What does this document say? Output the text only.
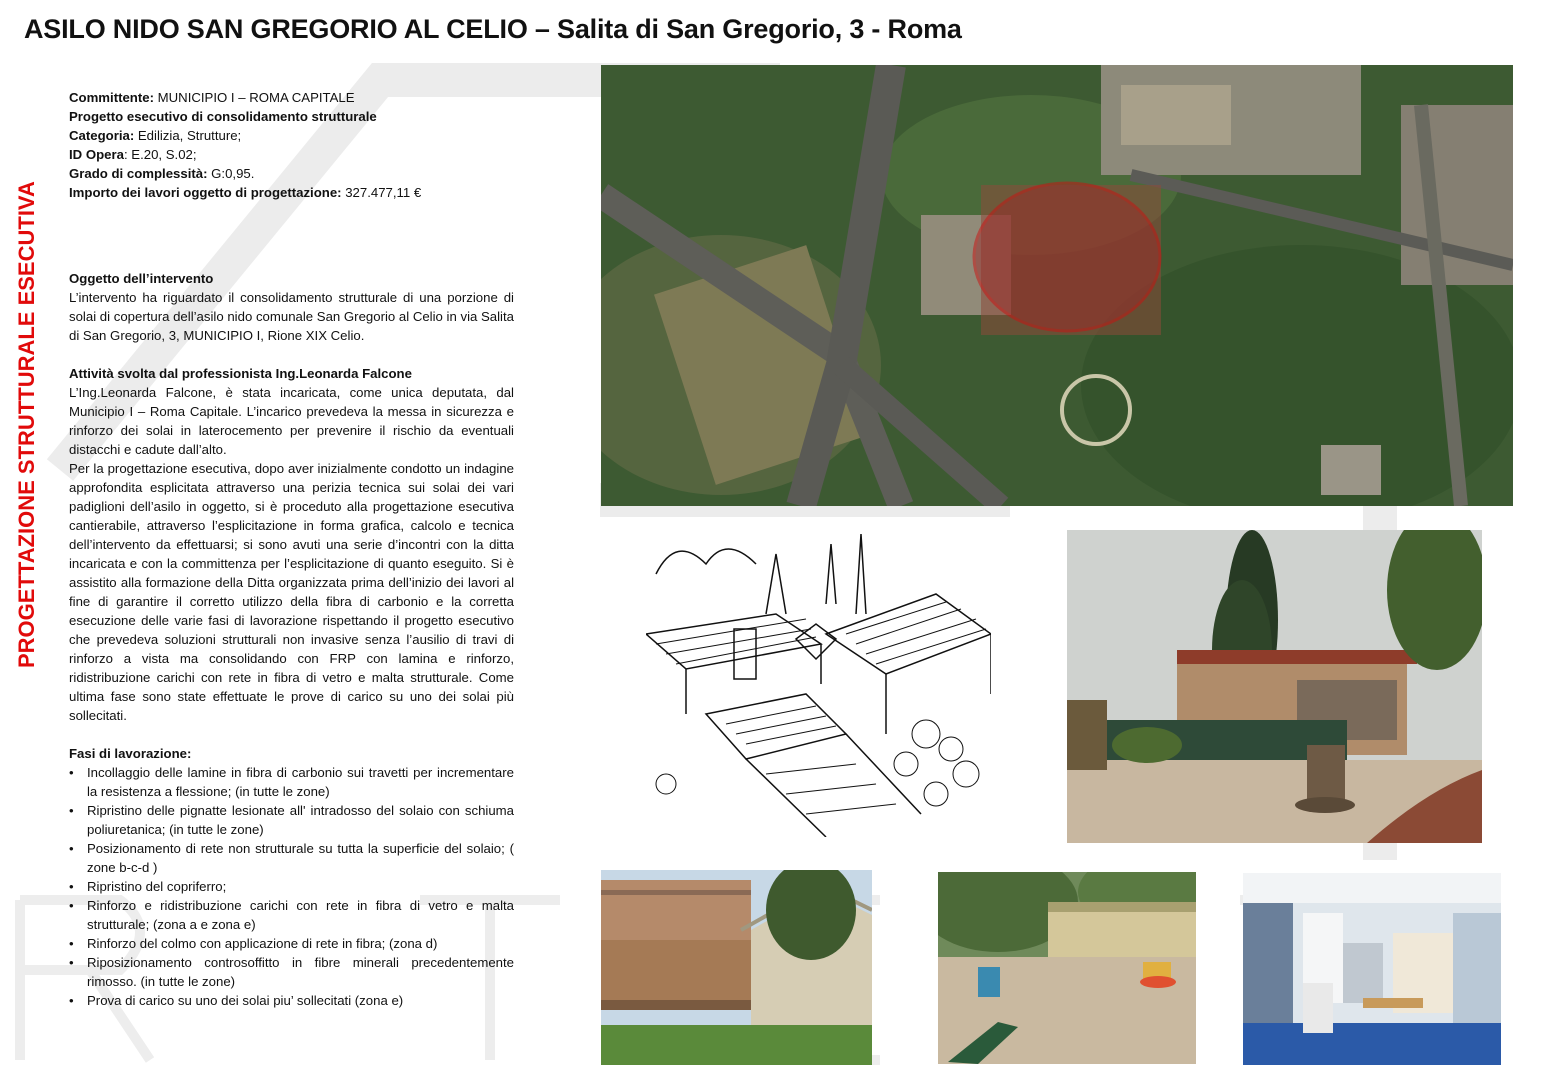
ASILO NIDO SAN GREGORIO AL CELIO – Salita di San Gregorio, 3 - Roma
PROGETTAZIONE STRUTTURALE ESECUTIVA

Committente: MUNICIPIO I – ROMA CAPITALE

Progetto esecutivo di consolidamento strutturale

Categoria: Edilizia, Strutture;

ID Opera: E.20, S.02;

Grado di complessità: G:0,95.

Importo dei lavori oggetto di progettazione: 327.477,11 €

Oggetto dell’intervento

L’intervento ha riguardato il consolidamento strutturale di una porzione di solai di copertura dell’asilo nido comunale San Gregorio al Celio in via Salita di San Gregorio, 3, MUNICIPIO I, Rione XIX Celio.

Attività svolta dal professionista Ing.Leonarda Falcone

L’Ing.Leonarda Falcone, è stata incaricata, come unica deputata, dal Municipio I – Roma Capitale. L’incarico prevedeva la messa in sicurezza e rinforzo dei solai in laterocemento per prevenire il rischio da eventuali distacchi e cadute dall’alto.

Per la progettazione esecutiva, dopo aver inizialmente condotto un indagine approfondita esplicitata attraverso una perizia tecnica sui solai dei vari padiglioni dell’asilo in oggetto, si è proceduto alla progettazione esecutiva cantierabile, attraverso l’esplicitazione in forma grafica, calcolo e tecnica dell’intervento da effettuarsi; si sono avuti una serie d’incontri con la ditta incaricata e con la committenza per l’esplicitazione di quanto eseguito. Si è assistito alla formazione della Ditta organizzata prima dell’inizio dei lavori al fine di garantire il corretto utilizzo della fibra di carbonio e la corretta esecuzione delle varie fasi di lavorazione rispettando il progetto esecutivo che prevedeva soluzioni strutturali non invasive senza l’ausilio di travi di rinforzo a vista ma consolidando con FRP con lamina e rinforzo, ridistribuzione carichi con rete in fibra di vetro e malta strutturale. Come ultima fase sono state effettuate le prove di carico su uno dei solai più sollecitati.

Fasi di lavorazione:

• Incollaggio delle lamine in fibra di carbonio sui travetti per incrementare la resistenza a flessione; (in tutte le zone)
• Ripristino delle pignatte lesionate all' intradosso del solaio con schiuma poliuretanica; (in tutte le zone)
• Posizionamento di rete non strutturale su tutta la superficie del solaio; ( zone b-c-d )
• Ripristino del copriferro;
• Rinforzo e ridistribuzione carichi con rete in fibra di vetro e malta strutturale; (zona a e zona e)
• Rinforzo del colmo con applicazione di rete in fibra; (zona d)
• Riposizionamento controsoffitto in fibre minerali precedentemente rimosso. (in tutte le zone)
• Prova di carico su uno dei solai piu’ sollecitati (zona e)
